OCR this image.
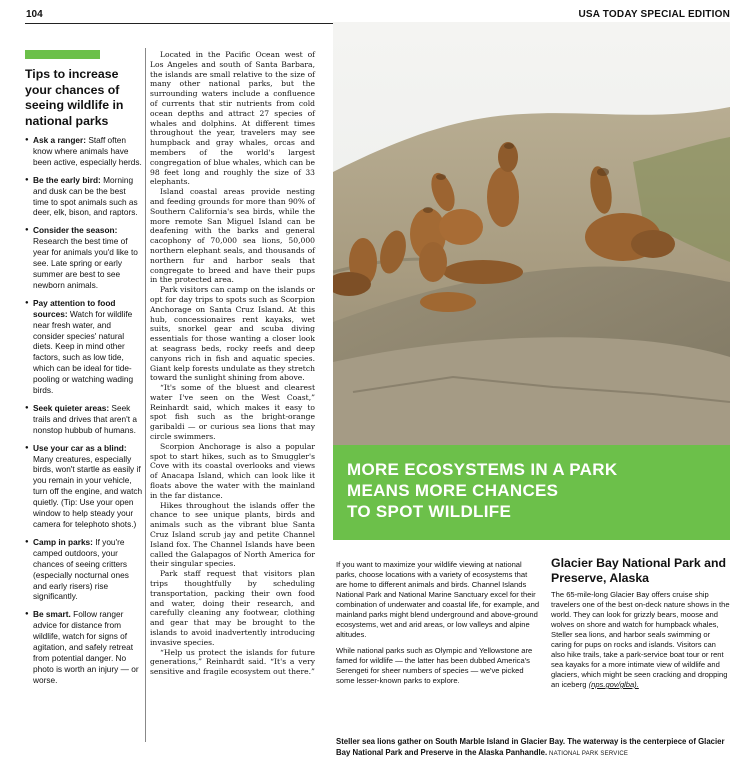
104	USA TODAY SPECIAL EDITION
Tips to increase your chances of seeing wildlife in national parks
● Ask a ranger: Staff often know where animals have been active, especially herds.
● Be the early bird: Morning and dusk can be the best time to spot animals such as deer, elk, bison, and raptors.
● Consider the season: Research the best time of year for animals you'd like to see. Late spring or early summer are best to see newborn animals.
● Pay attention to food sources: Watch for wildlife near fresh water, and consider species' natural diets. Keep in mind other factors, such as low tide, which can be ideal for tide-pooling or watching wading birds.
● Seek quieter areas: Seek trails and drives that aren't a nonstop hubbub of humans.
● Use your car as a blind: Many creatures, especially birds, won't startle as easily if you remain in your vehicle, turn off the engine, and watch quietly. (Tip: Use your open window to help steady your camera for telephoto shots.)
● Camp in parks: If you're camped outdoors, your chances of seeing critters (especially nocturnal ones and early risers) rise significantly.
● Be smart. Follow ranger advice for distance from wildlife, watch for signs of agitation, and safely retreat from potential danger. No photo is worth an injury — or worse.

Located in the Pacific Ocean west of Los Angeles and south of Santa Barbara, the islands are small relative to the size of many other national parks, but the surrounding waters include a confluence of currents that stir nutrients from cold ocean depths and attract 27 species of whales and dolphins. At different times throughout the year, travelers may see humpback and gray whales, orcas and members of the world's largest congregation of blue whales, which can be 98 feet long and roughly the size of 33 elephants.

Island coastal areas provide nesting and feeding grounds for more than 90% of Southern California's sea birds, while the more remote San Miguel Island can be deafening with the barks and general cacophony of 70,000 sea lions, 50,000 northern elephant seals, and thousands of northern fur and harbor seals that congregate to breed and have their pups in the protected area.

Park visitors can camp on the islands or opt for day trips to spots such as Scorpion Anchorage on Santa Cruz Island. At this hub, concessionaires rent kayaks, wet suits, snorkel gear and scuba diving essentials for those wanting a closer look at seagrass beds, rocky reefs and deep canyons rich in fish and aquatic species. Giant kelp forests undulate as they stretch toward the sunlight shining from above.

“It's some of the bluest and clearest water I've seen on the West Coast,” Reinhardt said, which makes it easy to spot fish such as the bright-orange garibaldi — or curious sea lions that may circle swimmers.

Scorpion Anchorage is also a popular spot to start hikes, such as to Smuggler's Cove with its coastal overlooks and views of Anacapa Island, which can look like it floats above the water with the mainland in the far distance.

Hikes throughout the islands offer the chance to see unique plants, birds and animals such as the vibrant blue Santa Cruz Island scrub jay and petite Channel Island fox. The Channel Islands have been called the Galapagos of North America for their singular species.

Park staff request that visitors plan trips thoughtfully by scheduling transportation, packing their own food and water, doing their research, and carefully cleaning any footwear, clothing and gear that may be brought to the islands to avoid inadvertently introducing invasive species.

“Help us protect the islands for future generations,” Reinhardt said. “It's a very sensitive and fragile ecosystem out there.”

MORE ECOSYSTEMS IN A PARK
MEANS MORE CHANCES
TO SPOT WILDLIFE

If you want to maximize your wildlife viewing at national parks, choose locations with a variety of ecosystems that are home to different animals and birds. Channel Islands National Park and National Marine Sanctuary excel for their combination of underwater and coastal life, for example, and mainland parks might blend underground and above-ground ecosystems, wet and arid areas, or low valleys and alpine altitudes.

While national parks such as Olympic and Yellowstone are famed for wildlife — the latter has been dubbed America's Serengeti for sheer numbers of species — we've picked some lesser-known parks to explore.

Glacier Bay National Park and Preserve, Alaska

The 65-mile-long Glacier Bay offers cruise ship travelers one of the best on-deck nature shows in the world. They can look for grizzly bears, moose and wolves on shore and watch for humpback whales, Steller sea lions, and harbor seals swimming or caring for pups on rocks and islands. Visitors can also hike trails, take a park-service boat tour or rent sea kayaks for a more intimate view of wildlife and glaciers, which might be seen cracking and dropping an iceberg (nps.gov/glba).

Steller sea lions gather on South Marble Island in Glacier Bay. The waterway is the centerpiece of Glacier Bay National Park and Preserve in the Alaska Panhandle. NATIONAL PARK SERVICE
